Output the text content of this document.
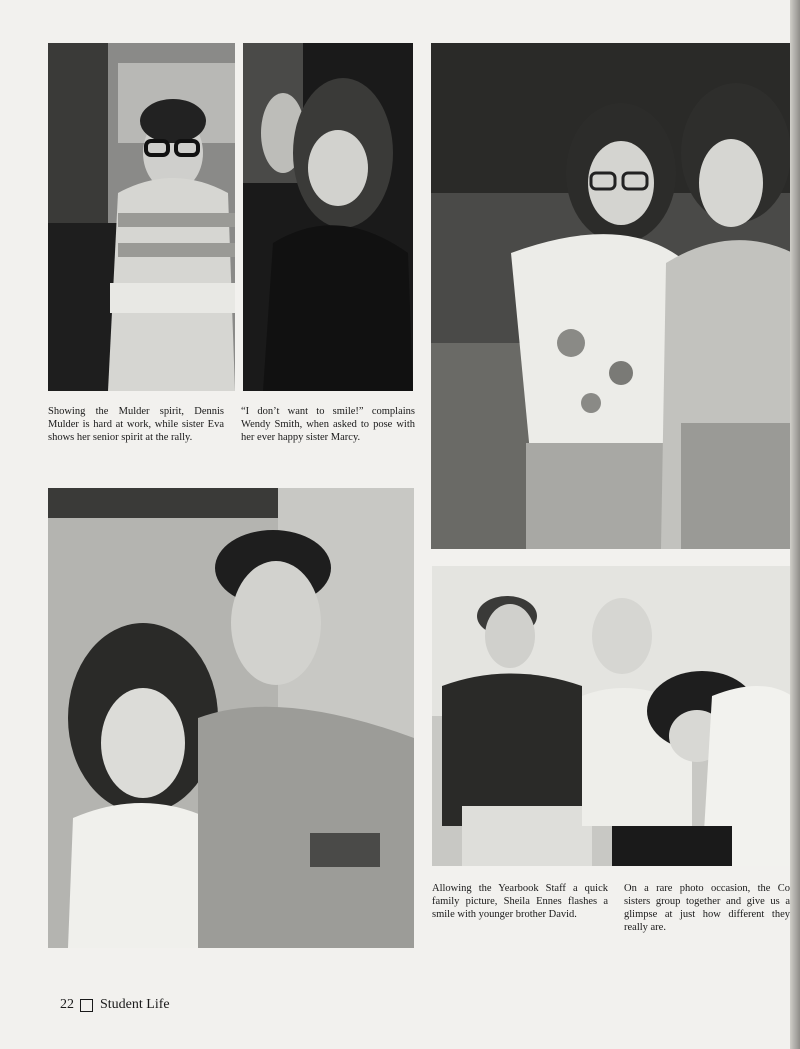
Showing the Mulder spirit, Dennis Mulder is hard at work, while sister Eva shows her senior spirit at the rally.
“I don’t want to smile!” complains Wendy Smith, when asked to pose with her ever happy sister Marcy.
Allowing the Yearbook Staff a quick family picture, Sheila Ennes flashes a smile with younger brother David.
On a rare photo occasion, the Co sisters group together and give us a glimpse at just how different they really are.
22 Student Life
